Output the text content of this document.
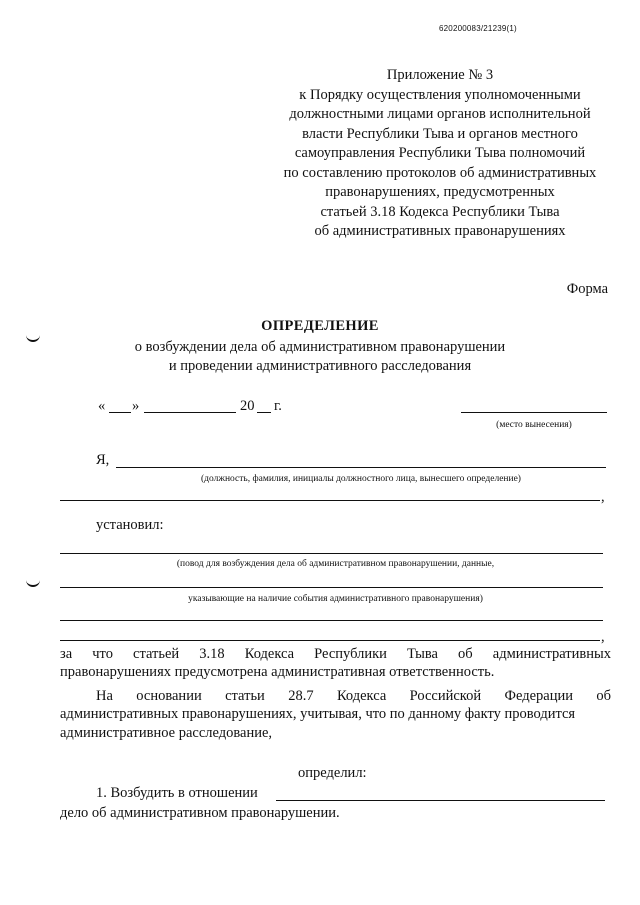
620200083/21239(1)
Приложение № 3
к Порядку осуществления уполномоченными
должностными лицами органов исполнительной
власти Республики Тыва и органов местного
самоуправления Республики Тыва полномочий
по составлению протоколов об административных
правонарушениях, предусмотренных
статьей 3.18 Кодекса Республики Тыва
об административных правонарушениях
Форма
ОПРЕДЕЛЕНИЕ
о возбуждении дела об административном правонарушении
и проведении административного расследования
« »	20 г.
(место вынесения)
Я,
(должность, фамилия, инициалы должностного лица, вынесшего определение)
,
установил:
(повод для возбуждения дела об административном правонарушении, данные,
указывающие на наличие события административного правонарушения)
,
за что статьей 3.18 Кодекса Республики Тыва об административных
правонарушениях предусмотрена административная ответственность.
На основании статьи 28.7 Кодекса Российской Федерации об
административных правонарушениях, учитывая, что по данному факту проводится
административное расследование,
определил:
1. Возбудить в отношении
дело об административном правонарушении.
